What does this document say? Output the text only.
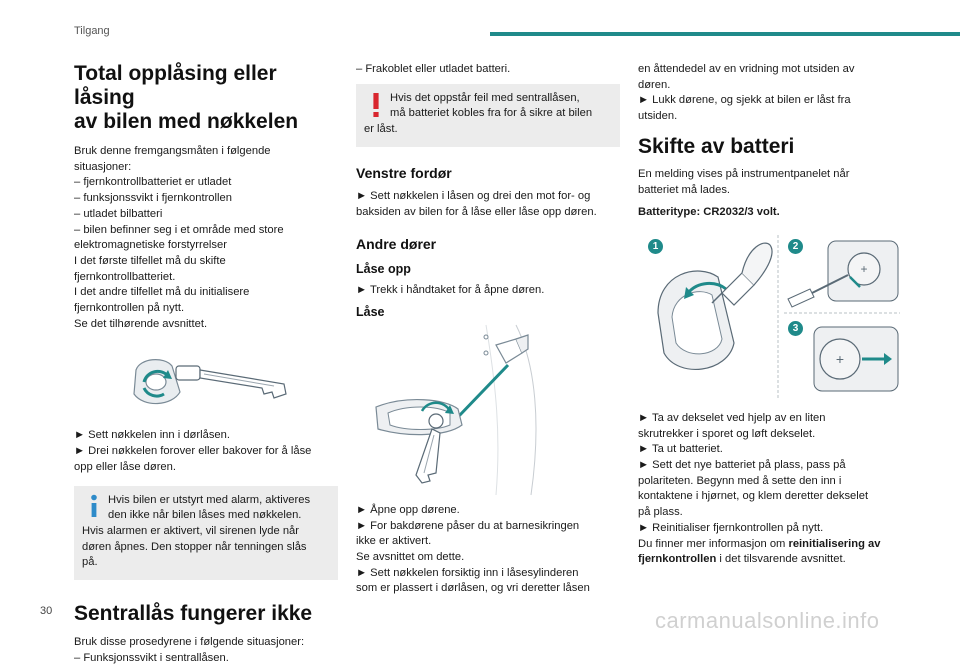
Tilgang
Total opplåsing eller låsing
av bilen med nøkkelen

Bruk denne fremgangsmåten i følgende

situasjoner:

– fjernkontrollbatteriet er utladet

– funksjonssvikt i fjernkontrollen

– utladet bilbatteri

– bilen befinner seg i et område med store

elektromagnetiske forstyrrelser

I det første tilfellet må du skifte

fjernkontrollbatteriet.

I det andre tilfellet må du initialisere

fjernkontrollen på nytt.

Se det tilhørende avsnittet.

► Sett nøkkelen inn i dørlåsen.

► Drei nøkkelen forover eller bakover for å låse

opp eller låse døren.

Hvis bilen er utstyrt med alarm, aktiveres

den ikke når bilen låses med nøkkelen.

Hvis alarmen er aktivert, vil sirenen lyde når

døren åpnes. Den stopper når tenningen slås

på.

Sentrallås fungerer ikke

Bruk disse prosedyrene i følgende situasjoner:

– Funksjonssvikt i sentrallåsen.

– Frakoblet eller utladet batteri.

Hvis det oppstår feil med sentrallåsen,

må batteriet kobles fra for å sikre at bilen

er låst.

Venstre fordør

► Sett nøkkelen i låsen og drei den mot for- og

baksiden av bilen for å låse eller låse opp døren.

Andre dører
Låse opp

► Trekk i håndtaket for å åpne døren.

Låse

► Åpne opp dørene.

► For bakdørene påser du at barnesikringen

ikke er aktivert.

Se avsnittet om dette.

► Sett nøkkelen forsiktig inn i låsesylinderen

som er plassert i dørlåsen, og vri deretter låsen

en åttendedel av en vridning mot utsiden av

døren.

► Lukk dørene, og sjekk at bilen er låst fra

utsiden.

Skifte av batteri

En melding vises på instrumentpanelet når

batteriet må lades.

Batteritype: CR2032/3 volt.

+
+
1	2
3

► Ta av dekselet ved hjelp av en liten

skrutrekker i sporet og løft dekselet.

► Ta ut batteriet.

► Sett det nye batteriet på plass, pass på

polariteten. Begynn med å sette den inn i

kontaktene i hjørnet, og klem deretter dekselet

på plass.

► Reinitialiser fjernkontrollen på nytt.

Du finner mer informasjon om reinitialisering av

fjernkontrollen i det tilsvarende avsnittet.

30	carmanualsonline.info
